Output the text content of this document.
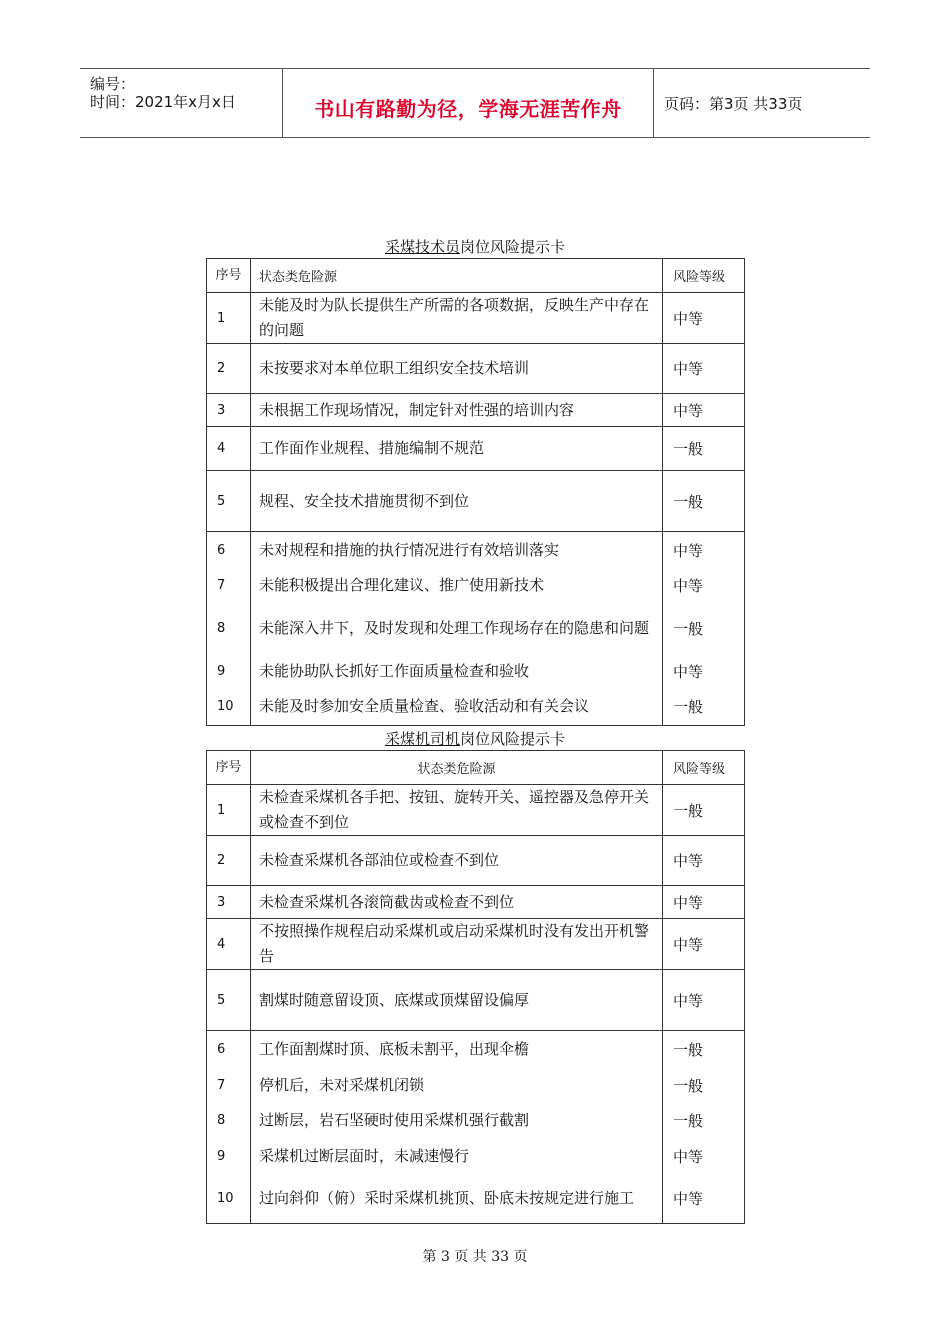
编号：
时间：2021年x月x日	书山有路勤为径，学海无涯苦作舟	页码：第3页 共33页
采煤技术员岗位风险提示卡
序号	状态类危险源	风险等级
1	未能及时为队长提供生产所需的各项数据，反映生产中存在的问题	中等
2	未按要求对本单位职工组织安全技术培训	中等
3	未根据工作现场情况，制定针对性强的培训内容	中等
4	工作面作业规程、措施编制不规范	一般
5	规程、安全技术措施贯彻不到位	一般
6	未对规程和措施的执行情况进行有效培训落实	中等
7	未能积极提出合理化建议、推广使用新技术	中等
8	未能深入井下，及时发现和处理工作现场存在的隐患和问题	一般
9	未能协助队长抓好工作面质量检查和验收	中等
10	未能及时参加安全质量检查、验收活动和有关会议	一般
采煤机司机岗位风险提示卡
序号	状态类危险源	风险等级
1	未检查采煤机各手把、按钮、旋转开关、遥控器及急停开关或检查不到位	一般
2	未检查采煤机各部油位或检查不到位	中等
3	未检查采煤机各滚筒截齿或检查不到位	中等
4	不按照操作规程启动采煤机或启动采煤机时没有发出开机警告	中等
5	割煤时随意留设顶、底煤或顶煤留设偏厚	中等
6	工作面割煤时顶、底板未割平，出现伞檐	一般
7	停机后，未对采煤机闭锁	一般
8	过断层，岩石坚硬时使用采煤机强行截割	一般
9	采煤机过断层面时，未减速慢行	中等
10	过向斜仰（俯）采时采煤机挑顶、卧底未按规定进行施工	中等
第 3 页 共 33 页
